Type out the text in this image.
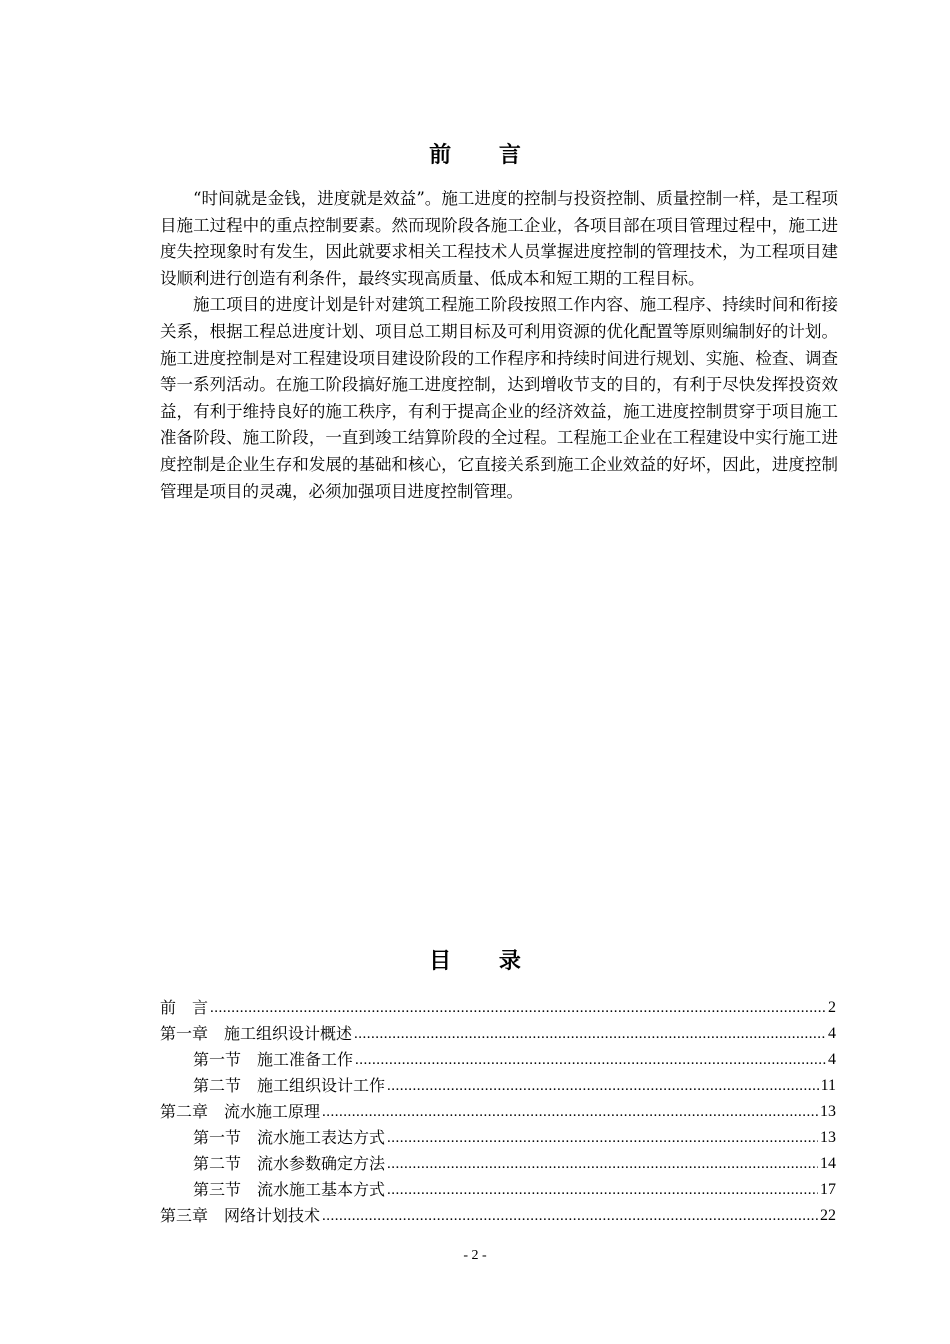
前 言

“时间就是金钱，进度就是效益”。施工进度的控制与投资控制、质量控制一样，是工程项目施工过程中的重点控制要素。然而现阶段各施工企业，各项目部在项目管理过程中，施工进度失控现象时有发生，因此就要求相关工程技术人员掌握进度控制的管理技术，为工程项目建设顺利进行创造有利条件，最终实现高质量、低成本和短工期的工程目标。

施工项目的进度计划是针对建筑工程施工阶段按照工作内容、施工程序、持续时间和衔接关系，根据工程总进度计划、项目总工期目标及可利用资源的优化配置等原则编制好的计划。施工进度控制是对工程建设项目建设阶段的工作程序和持续时间进行规划、实施、检查、调查等一系列活动。在施工阶段搞好施工进度控制，达到增收节支的目的，有利于尽快发挥投资效益，有利于维持良好的施工秩序，有利于提高企业的经济效益，施工进度控制贯穿于项目施工准备阶段、施工阶段，一直到竣工结算阶段的全过程。工程施工企业在工程建设中实行施工进度控制是企业生存和发展的基础和核心，它直接关系到施工企业效益的好坏，因此，进度控制管理是项目的灵魂，必须加强项目进度控制管理。

目 录
前　言 .....	2
第一章　施工组织设计概述 .....	4
第一节　施工准备工作 .....	4
第二节　施工组织设计工作 .....	11
第二章　流水施工原理 .....	13
第一节　流水施工表达方式 .....	13
第二节　流水参数确定方法 .....	14
第三节　流水施工基本方式 .....	17
第三章　网络计划技术 .....	22
- 2 -
